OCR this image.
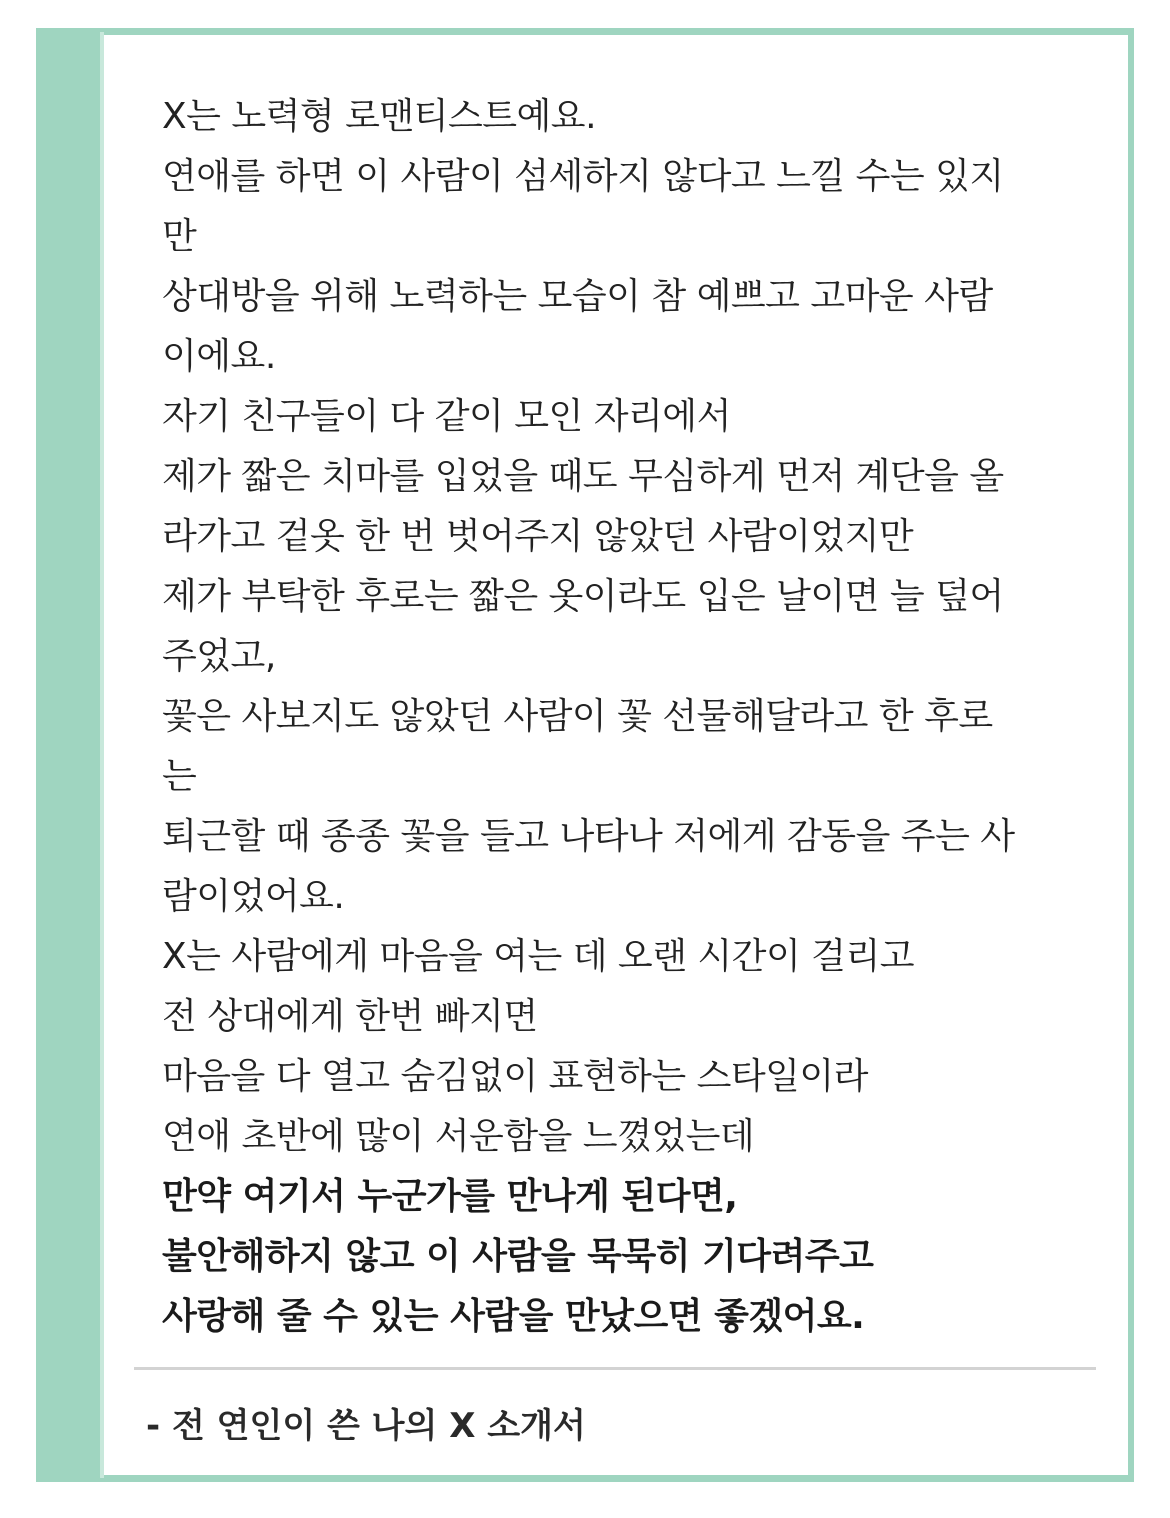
X는 노력형 로맨티스트예요.
연애를 하면 이 사람이 섬세하지 않다고 느낄 수는 있지
만
상대방을 위해 노력하는 모습이 참 예쁘고 고마운 사람
이에요.
자기 친구들이 다 같이 모인 자리에서
제가 짧은 치마를 입었을 때도 무심하게 먼저 계단을 올
라가고 겉옷 한 번 벗어주지 않았던 사람이었지만
제가 부탁한 후로는 짧은 옷이라도 입은 날이면 늘 덮어
주었고,
꽃은 사보지도 않았던 사람이 꽃 선물해달라고 한 후로
는
퇴근할 때 종종 꽃을 들고 나타나 저에게 감동을 주는 사
람이었어요.
X는 사람에게 마음을 여는 데 오랜 시간이 걸리고
전 상대에게 한번 빠지면
마음을 다 열고 숨김없이 표현하는 스타일이라
연애 초반에 많이 서운함을 느꼈었는데
만약 여기서 누군가를 만나게 된다면,
불안해하지 않고 이 사람을 묵묵히 기다려주고
사랑해 줄 수 있는 사람을 만났으면 좋겠어요.
- 전 연인이 쓴 나의 X 소개서
